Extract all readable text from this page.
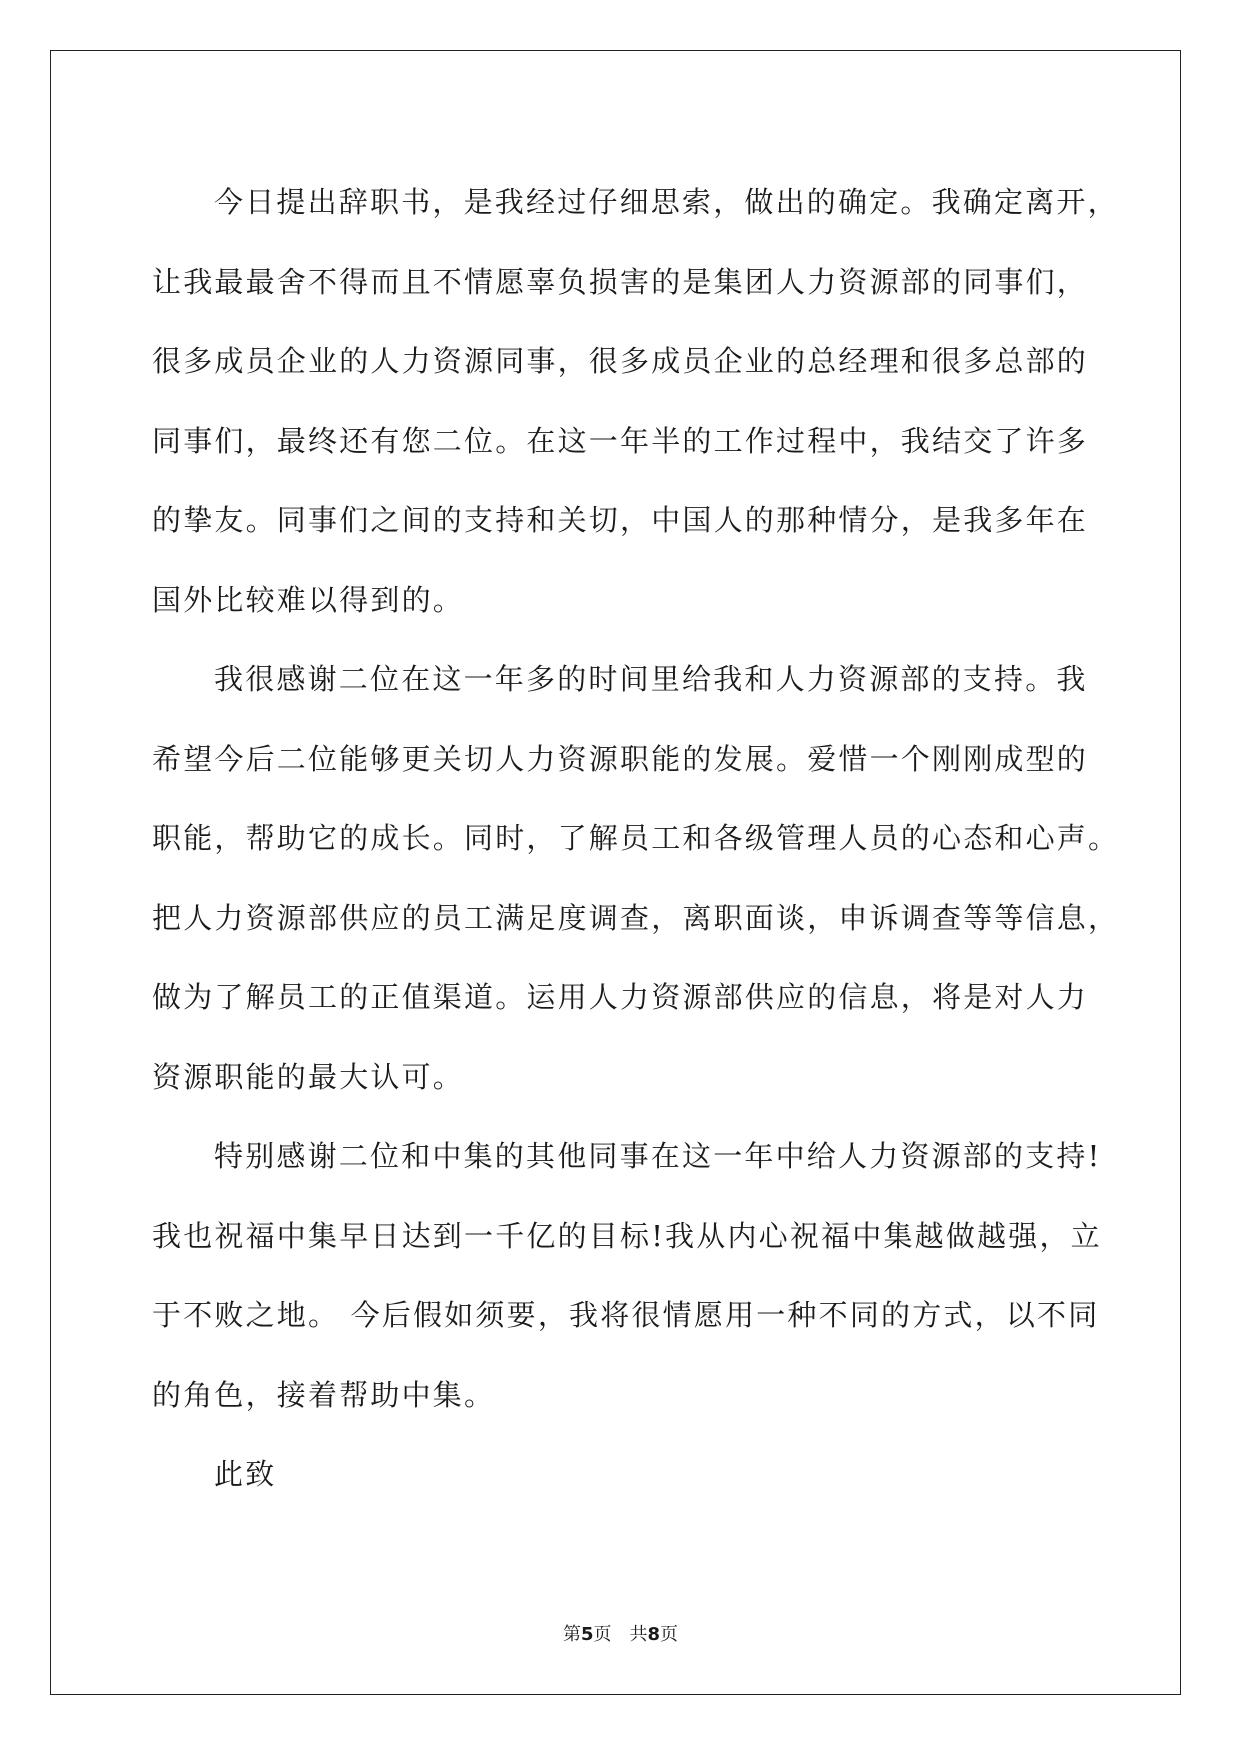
今日提出辞职书，是我经过仔细思索，做出的确定。我确定离开，
让我最最舍不得而且不情愿辜负损害的是集团人力资源部的同事们，
很多成员企业的人力资源同事，很多成员企业的总经理和很多总部的
同事们，最终还有您二位。在这一年半的工作过程中，我结交了许多
的挚友。同事们之间的支持和关切，中国人的那种情分，是我多年在
国外比较难以得到的。
我很感谢二位在这一年多的时间里给我和人力资源部的支持。我
希望今后二位能够更关切人力资源职能的发展。爱惜一个刚刚成型的
职能，帮助它的成长。同时，了解员工和各级管理人员的心态和心声。
把人力资源部供应的员工满足度调查，离职面谈，申诉调查等等信息，
做为了解员工的正值渠道。运用人力资源部供应的信息，将是对人力
资源职能的最大认可。
特别感谢二位和中集的其他同事在这一年中给人力资源部的支持!
我也祝福中集早日达到一千亿的目标!我从内心祝福中集越做越强，立
于不败之地。 今后假如须要，我将很情愿用一种不同的方式，以不同
的角色，接着帮助中集。
此致
第5页　共8页
